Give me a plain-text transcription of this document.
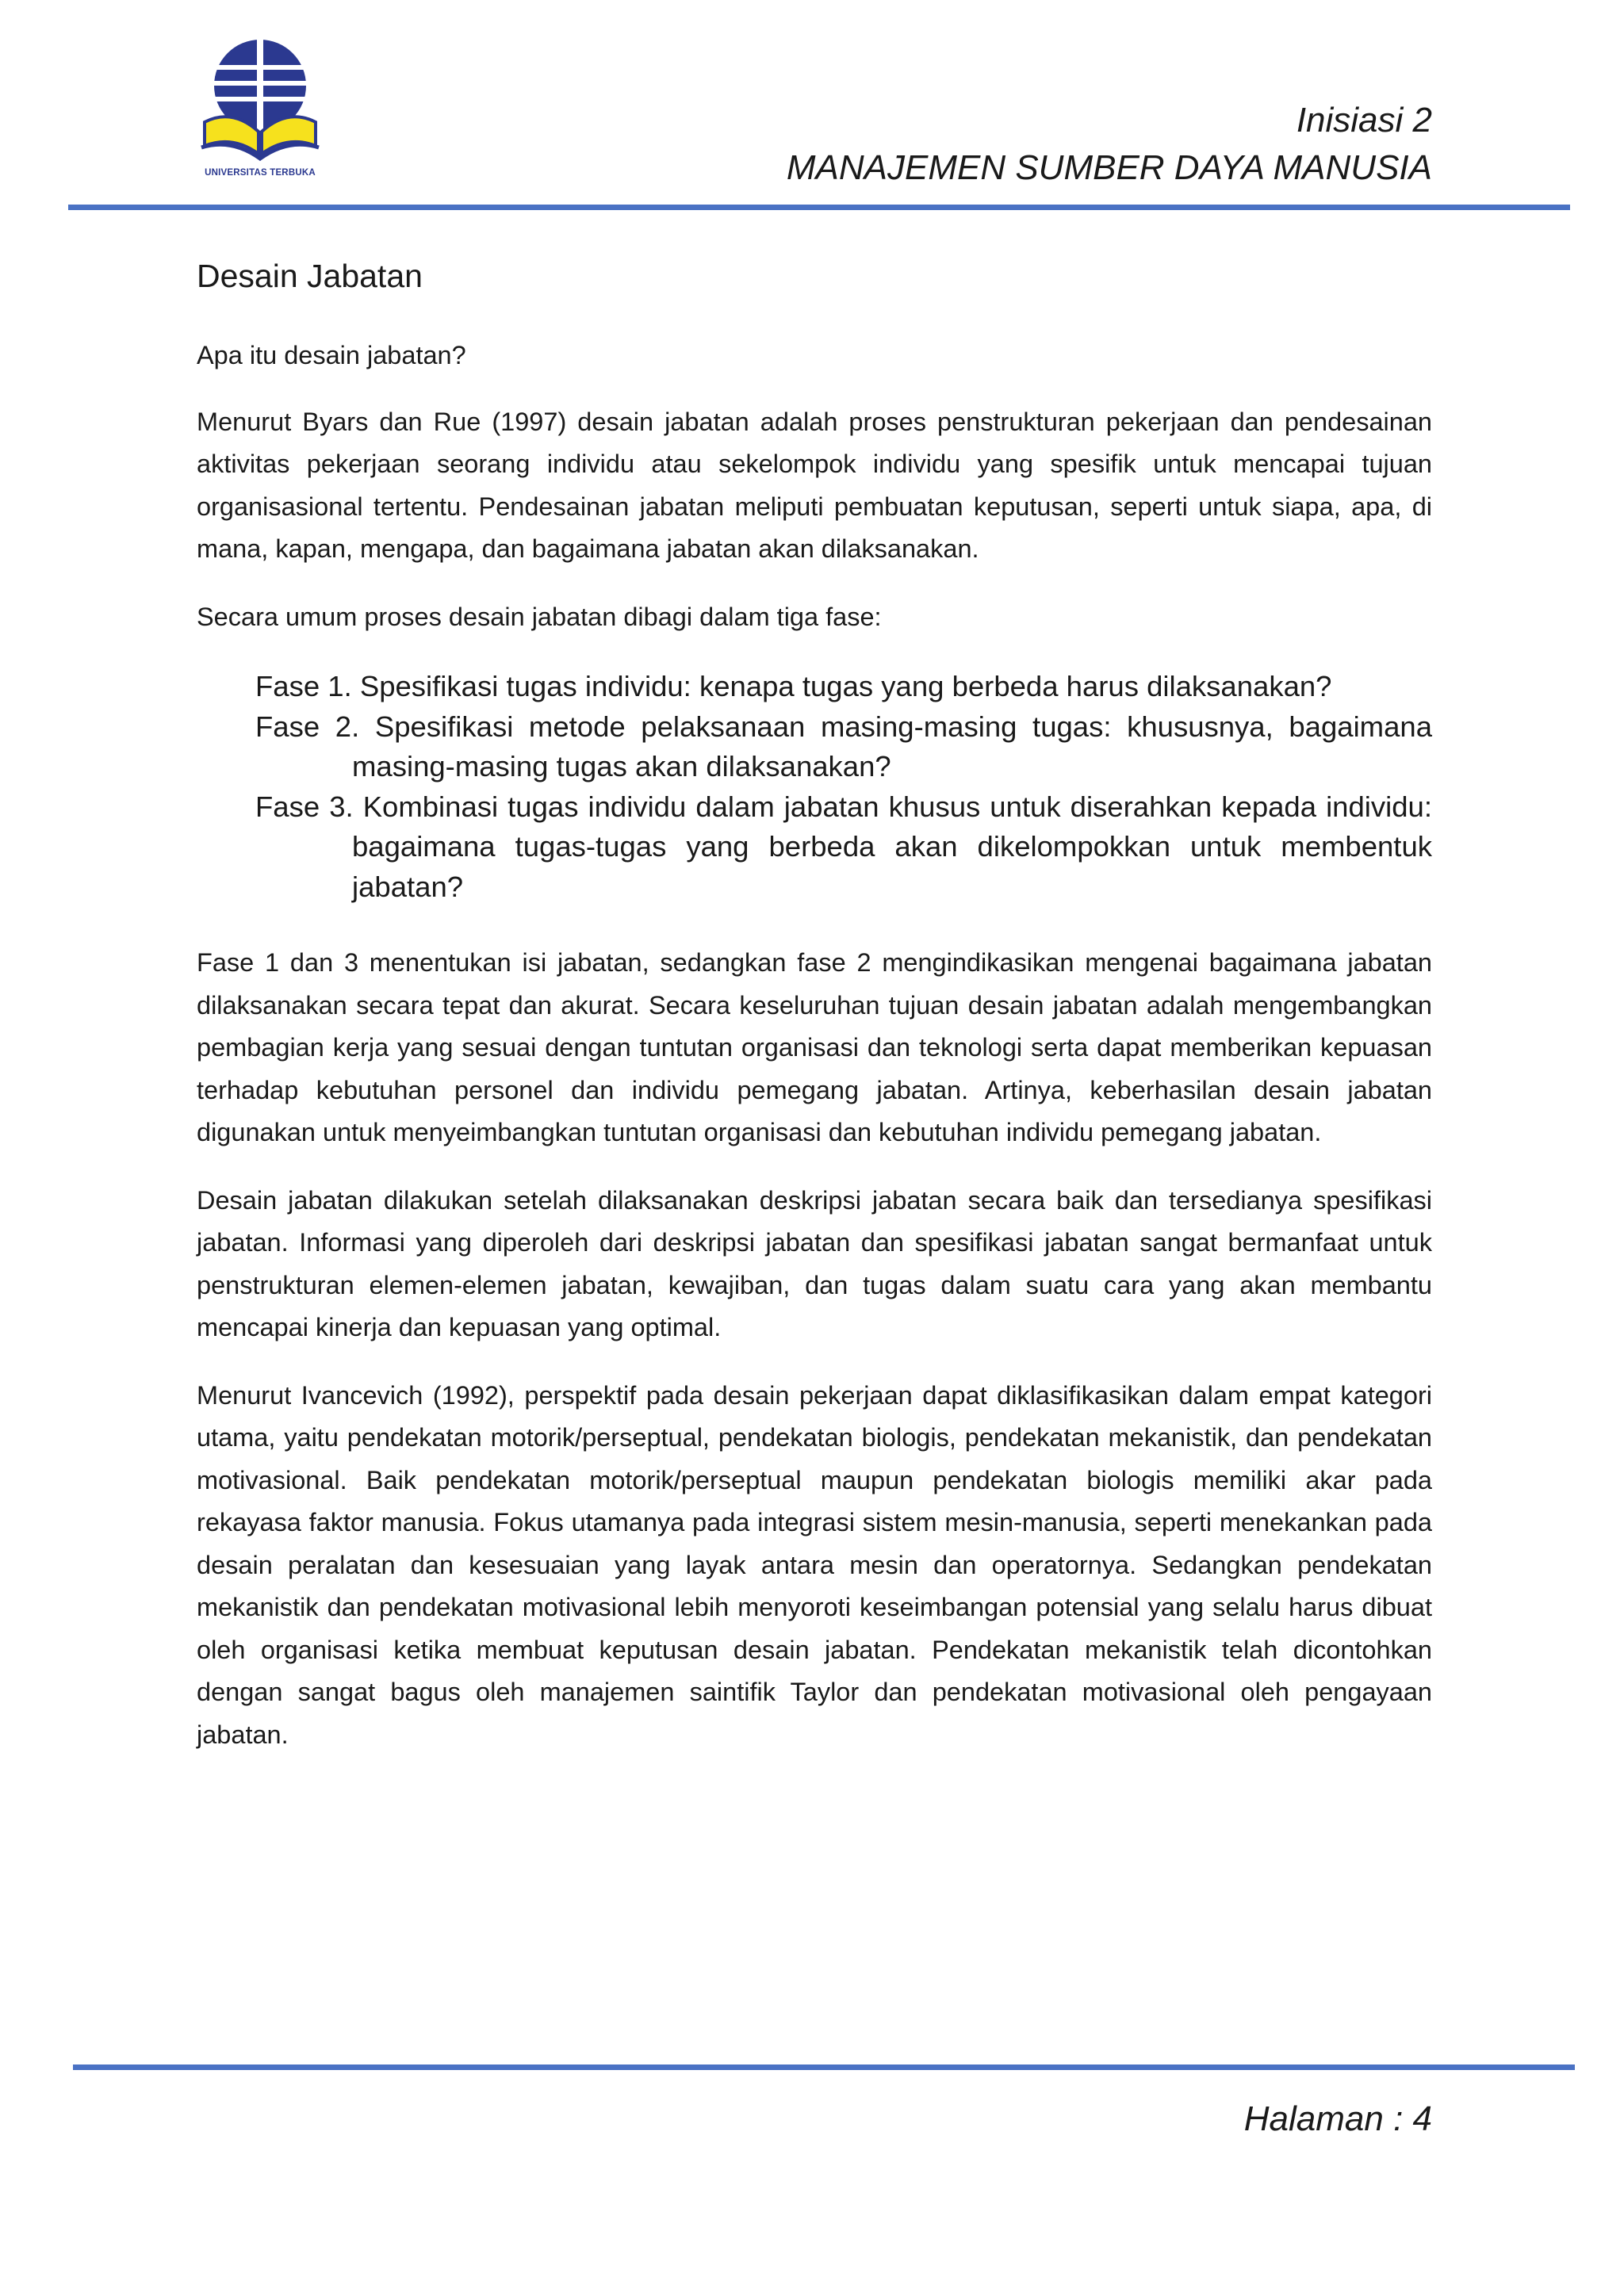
UNIVERSITAS TERBUKA
Inisiasi 2
MANAJEMEN SUMBER DAYA MANUSIA
Desain Jabatan

Apa itu desain jabatan?

Menurut Byars dan Rue (1997) desain jabatan adalah proses penstrukturan pekerjaan dan pendesainan aktivitas pekerjaan seorang individu atau sekelompok individu yang spesifik untuk mencapai tujuan organisasional tertentu. Pendesainan jabatan meliputi pembuatan keputusan, seperti untuk siapa, apa, di mana, kapan, mengapa, dan bagaimana jabatan akan dilaksanakan.

Secara umum proses desain jabatan dibagi dalam tiga fase:

Fase 1. Spesifikasi tugas individu: kenapa tugas yang berbeda harus dilaksanakan?
Fase 2. Spesifikasi metode pelaksanaan masing-masing tugas: khususnya, bagaimana masing-masing tugas akan dilaksanakan?
Fase 3. Kombinasi tugas individu dalam jabatan khusus untuk diserahkan kepada individu: bagaimana tugas-tugas yang berbeda akan dikelompokkan untuk membentuk jabatan?

Fase 1 dan 3 menentukan isi jabatan, sedangkan fase 2 mengindikasikan mengenai bagaimana jabatan dilaksanakan secara tepat dan akurat. Secara keseluruhan tujuan desain jabatan adalah mengembangkan pembagian kerja yang sesuai dengan tuntutan organisasi dan teknologi serta dapat memberikan kepuasan terhadap kebutuhan personel dan individu pemegang jabatan. Artinya, keberhasilan desain jabatan digunakan untuk menyeimbangkan tuntutan organisasi dan kebutuhan individu pemegang jabatan.

Desain jabatan dilakukan setelah dilaksanakan deskripsi jabatan secara baik dan tersedianya spesifikasi jabatan. Informasi yang diperoleh dari deskripsi jabatan dan spesifikasi jabatan sangat bermanfaat untuk penstrukturan elemen-elemen jabatan, kewajiban, dan tugas dalam suatu cara yang akan membantu mencapai kinerja dan kepuasan yang optimal.

Menurut Ivancevich (1992), perspektif pada desain pekerjaan dapat diklasifikasikan dalam empat kategori utama, yaitu pendekatan motorik/perseptual, pendekatan biologis, pendekatan mekanistik, dan pendekatan motivasional. Baik pendekatan motorik/perseptual maupun pendekatan biologis memiliki akar pada rekayasa faktor manusia. Fokus utamanya pada integrasi sistem mesin-manusia, seperti menekankan pada desain peralatan dan kesesuaian yang layak antara mesin dan operatornya. Sedangkan pendekatan mekanistik dan pendekatan motivasional lebih menyoroti keseimbangan potensial yang selalu harus dibuat oleh organisasi ketika membuat keputusan desain jabatan. Pendekatan mekanistik telah dicontohkan dengan sangat bagus oleh manajemen saintifik Taylor dan pendekatan motivasional oleh pengayaan jabatan.

Halaman : 4
